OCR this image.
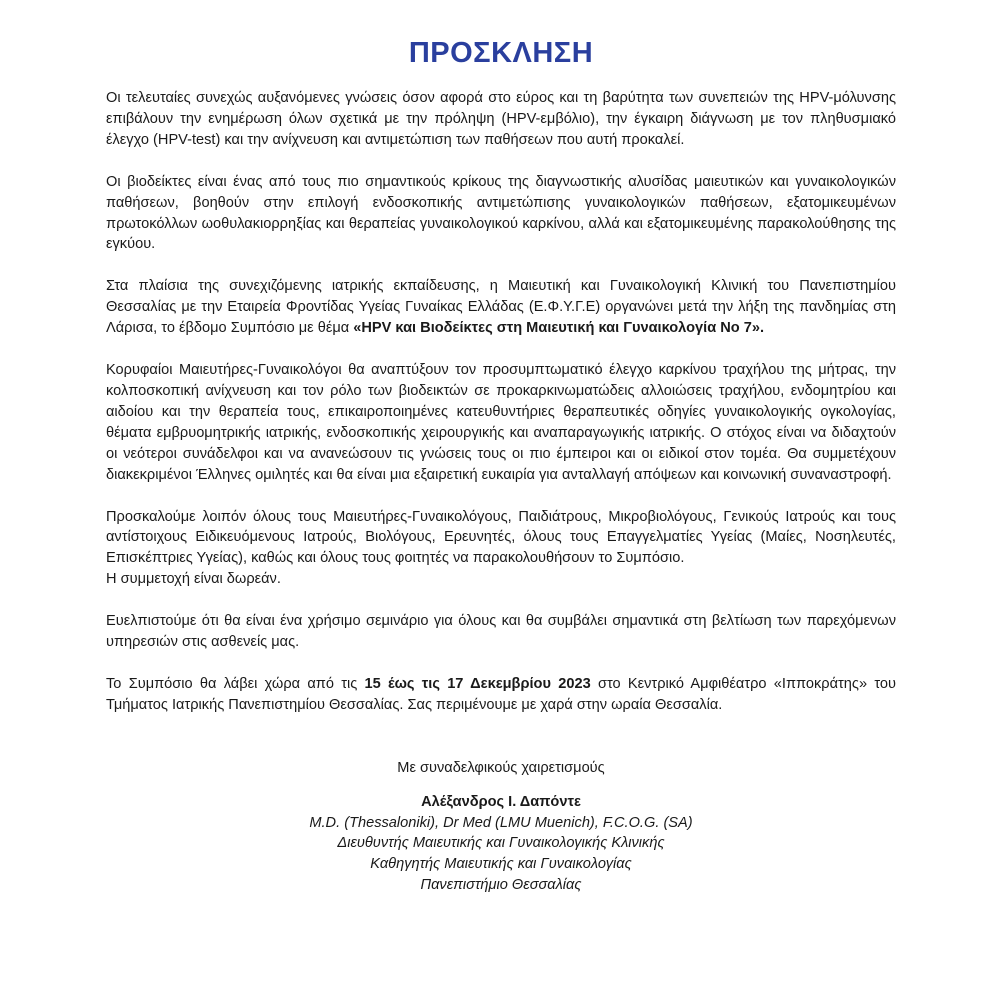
ΠΡΟΣΚΛΗΣΗ

Οι τελευταίες συνεχώς αυξανόμενες γνώσεις όσον αφορά στο εύρος και τη βαρύτητα των συνεπειών της HPV-μόλυνσης επιβάλουν την ενημέρωση όλων σχετικά με την πρόληψη (HPV-εμβόλιο), την έγκαιρη διάγνωση με τον πληθυσμιακό έλεγχο (HPV-test) και την ανίχνευση και αντιμετώπιση των παθήσεων που αυτή προκαλεί.

Οι βιοδείκτες είναι ένας από τους πιο σημαντικούς κρίκους της διαγνωστικής αλυσίδας μαιευτικών και γυναικολογικών παθήσεων, βοηθούν στην επιλογή ενδοσκοπικής αντιμετώπισης γυναικολογικών παθήσεων, εξατομικευμένων πρωτοκόλλων ωοθυλακιορρηξίας και θεραπείας γυναικολογικού καρκίνου, αλλά και εξατομικευμένης παρακολούθησης της εγκύου.

Στα πλαίσια της συνεχιζόμενης ιατρικής εκπαίδευσης, η Μαιευτική και Γυναικολογική Κλινική του Πανεπιστημίου Θεσσαλίας με την Εταιρεία Φροντίδας Υγείας Γυναίκας Ελλάδας (Ε.Φ.Υ.Γ.Ε) οργανώνει μετά την λήξη της πανδημίας στη Λάρισα, το έβδομο Συμπόσιο με θέμα «HPV και Βιοδείκτες στη Μαιευτική και Γυναικολογία Νο 7».

Κορυφαίοι Μαιευτήρες-Γυναικολόγοι θα αναπτύξουν τον προσυμπτωματικό έλεγχο καρκίνου τραχήλου της μήτρας, την κολποσκοπική ανίχνευση και τον ρόλο των βιοδεικτών σε προκαρκινωματώδεις αλλοιώσεις τραχήλου, ενδομητρίου και αιδοίου και την θεραπεία τους, επικαιροποιημένες κατευθυντήριες θεραπευτικές οδηγίες γυναικολογικής ογκολογίας, θέματα εμβρυομητρικής ιατρικής, ενδοσκοπικής χειρουργικής και αναπαραγωγικής ιατρικής. Ο στόχος είναι να διδαχτούν οι νεότεροι συνάδελφοι και να ανανεώσουν τις γνώσεις τους οι πιο έμπειροι και οι ειδικοί στον τομέα. Θα συμμετέχουν διακεκριμένοι Έλληνες ομιλητές και θα είναι μια εξαιρετική ευκαιρία για ανταλλαγή απόψεων και κοινωνική συναναστροφή.

Προσκαλούμε λοιπόν όλους τους Μαιευτήρες-Γυναικολόγους, Παιδιάτρους, Μικροβιολόγους, Γενικούς Ιατρούς και τους αντίστοιχους Ειδικευόμενους Ιατρούς, Βιολόγους, Ερευνητές, όλους τους Επαγγελματίες Υγείας (Μαίες, Νοσηλευτές, Επισκέπτριες Υγείας), καθώς και όλους τους φοιτητές να παρακολουθήσουν το Συμπόσιο.
Η συμμετοχή είναι δωρεάν.

Ευελπιστούμε ότι θα είναι ένα χρήσιμο σεμινάριο για όλους και θα συμβάλει σημαντικά στη βελτίωση των παρεχόμενων υπηρεσιών στις ασθενείς μας.

Το Συμπόσιο θα λάβει χώρα από τις 15 έως τις 17 Δεκεμβρίου 2023 στο Κεντρικό Αμφιθέατρο «Ιπποκράτης» του Τμήματος Ιατρικής Πανεπιστημίου Θεσσαλίας. Σας περιμένουμε με χαρά στην ωραία Θεσσαλία.

Με συναδελφικούς χαιρετισμούς
Αλέξανδρος Ι. Δαπόντε
M.D. (Thessaloniki), Dr Med (LMU Muenich), F.C.O.G. (SA)
Διευθυντής Μαιευτικής και Γυναικολογικής Κλινικής
Καθηγητής Μαιευτικής και Γυναικολογίας
Πανεπιστήμιο Θεσσαλίας
